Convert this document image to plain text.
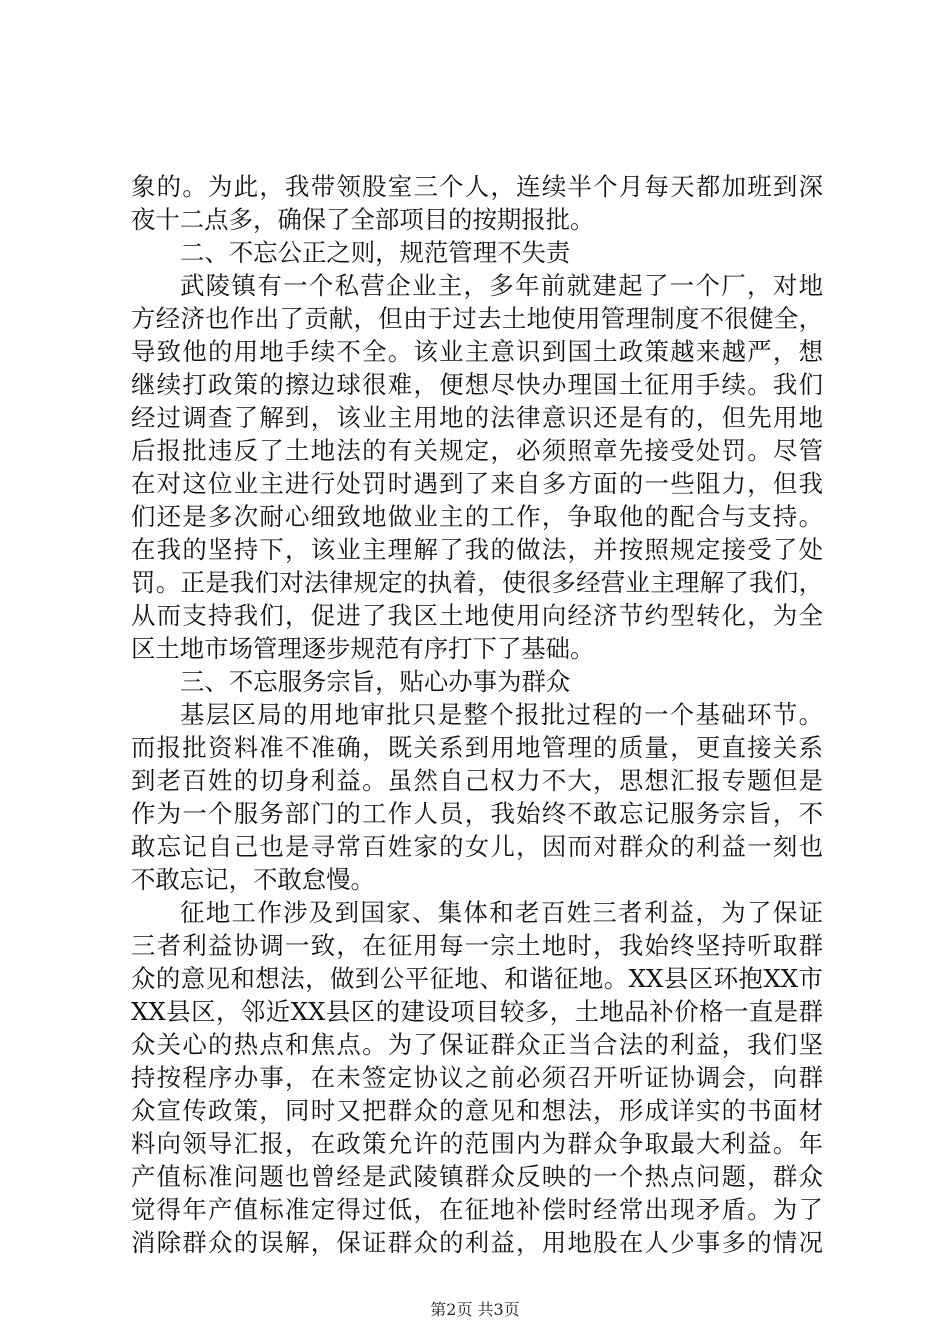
象的。为此，我带领股室三个人，连续半个月每天都加班到深
夜十二点多，确保了全部项目的按期报批。
二、不忘公正之则，规范管理不失责
武陵镇有一个私营企业主，多年前就建起了一个厂，对地
方经济也作出了贡献，但由于过去土地使用管理制度不很健全，
导致他的用地手续不全。该业主意识到国土政策越来越严，想
继续打政策的擦边球很难，便想尽快办理国土征用手续。我们
经过调查了解到，该业主用地的法律意识还是有的，但先用地
后报批违反了土地法的有关规定，必须照章先接受处罚。尽管
在对这位业主进行处罚时遇到了来自多方面的一些阻力，但我
们还是多次耐心细致地做业主的工作，争取他的配合与支持。
在我的坚持下，该业主理解了我的做法，并按照规定接受了处
罚。正是我们对法律规定的执着，使很多经营业主理解了我们，
从而支持我们，促进了我区土地使用向经济节约型转化，为全
区土地市场管理逐步规范有序打下了基础。
三、不忘服务宗旨，贴心办事为群众
基层区局的用地审批只是整个报批过程的一个基础环节。
而报批资料准不准确，既关系到用地管理的质量，更直接关系
到老百姓的切身利益。虽然自己权力不大，思想汇报专题但是
作为一个服务部门的工作人员，我始终不敢忘记服务宗旨，不
敢忘记自己也是寻常百姓家的女儿，因而对群众的利益一刻也
不敢忘记，不敢怠慢。
征地工作涉及到国家、集体和老百姓三者利益，为了保证
三者利益协调一致，在征用每一宗土地时，我始终坚持听取群
众的意见和想法，做到公平征地、和谐征地。XX县区环抱XX市
XX县区，邻近XX县区的建设项目较多，土地品补价格一直是群
众关心的热点和焦点。为了保证群众正当合法的利益，我们坚
持按程序办事，在未签定协议之前必须召开听证协调会，向群
众宣传政策，同时又把群众的意见和想法，形成详实的书面材
料向领导汇报，在政策允许的范围内为群众争取最大利益。年
产值标准问题也曾经是武陵镇群众反映的一个热点问题，群众
觉得年产值标准定得过低，在征地补偿时经常出现矛盾。为了
消除群众的误解，保证群众的利益，用地股在人少事多的情况
第2页 共3页
